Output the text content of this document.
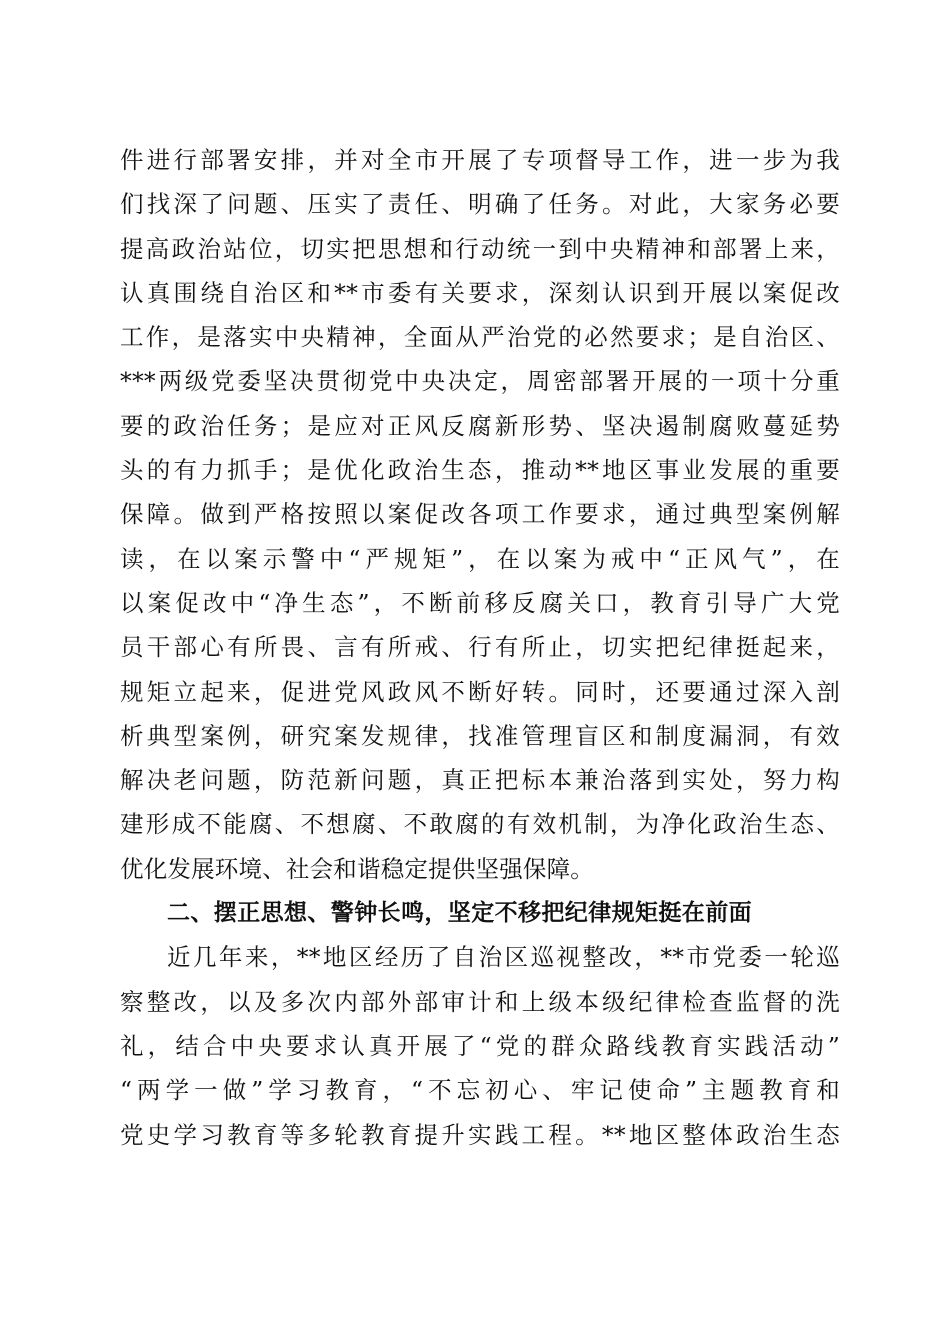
件进行部署安排，并对全市开展了专项督导工作，进一步为我
们找深了问题、压实了责任、明确了任务。对此，大家务必要
提高政治站位，切实把思想和行动统一到中央精神和部署上来，
认真围绕自治区和**市委有关要求，深刻认识到开展以案促改
工作，是落实中央精神，全面从严治党的必然要求；是自治区、
***两级党委坚决贯彻党中央决定，周密部署开展的一项十分重
要的政治任务；是应对正风反腐新形势、坚决遏制腐败蔓延势
头的有力抓手；是优化政治生态，推动**地区事业发展的重要
保障。做到严格按照以案促改各项工作要求，通过典型案例解
读，在以案示警中“严规矩”，在以案为戒中“正风气”，在
以案促改中“净生态”，不断前移反腐关口，教育引导广大党
员干部心有所畏、言有所戒、行有所止，切实把纪律挺起来，
规矩立起来，促进党风政风不断好转。同时，还要通过深入剖
析典型案例，研究案发规律，找准管理盲区和制度漏洞，有效
解决老问题，防范新问题，真正把标本兼治落到实处，努力构
建形成不能腐、不想腐、不敢腐的有效机制，为净化政治生态、
优化发展环境、社会和谐稳定提供坚强保障。
二、摆正思想、警钟长鸣，坚定不移把纪律规矩挺在前面
近几年来，**地区经历了自治区巡视整改，**市党委一轮巡
察整改，以及多次内部外部审计和上级本级纪律检查监督的洗
礼，结合中央要求认真开展了“党的群众路线教育实践活动”
“两学一做”学习教育，“不忘初心、牢记使命”主题教育和
党史学习教育等多轮教育提升实践工程。**地区整体政治生态
